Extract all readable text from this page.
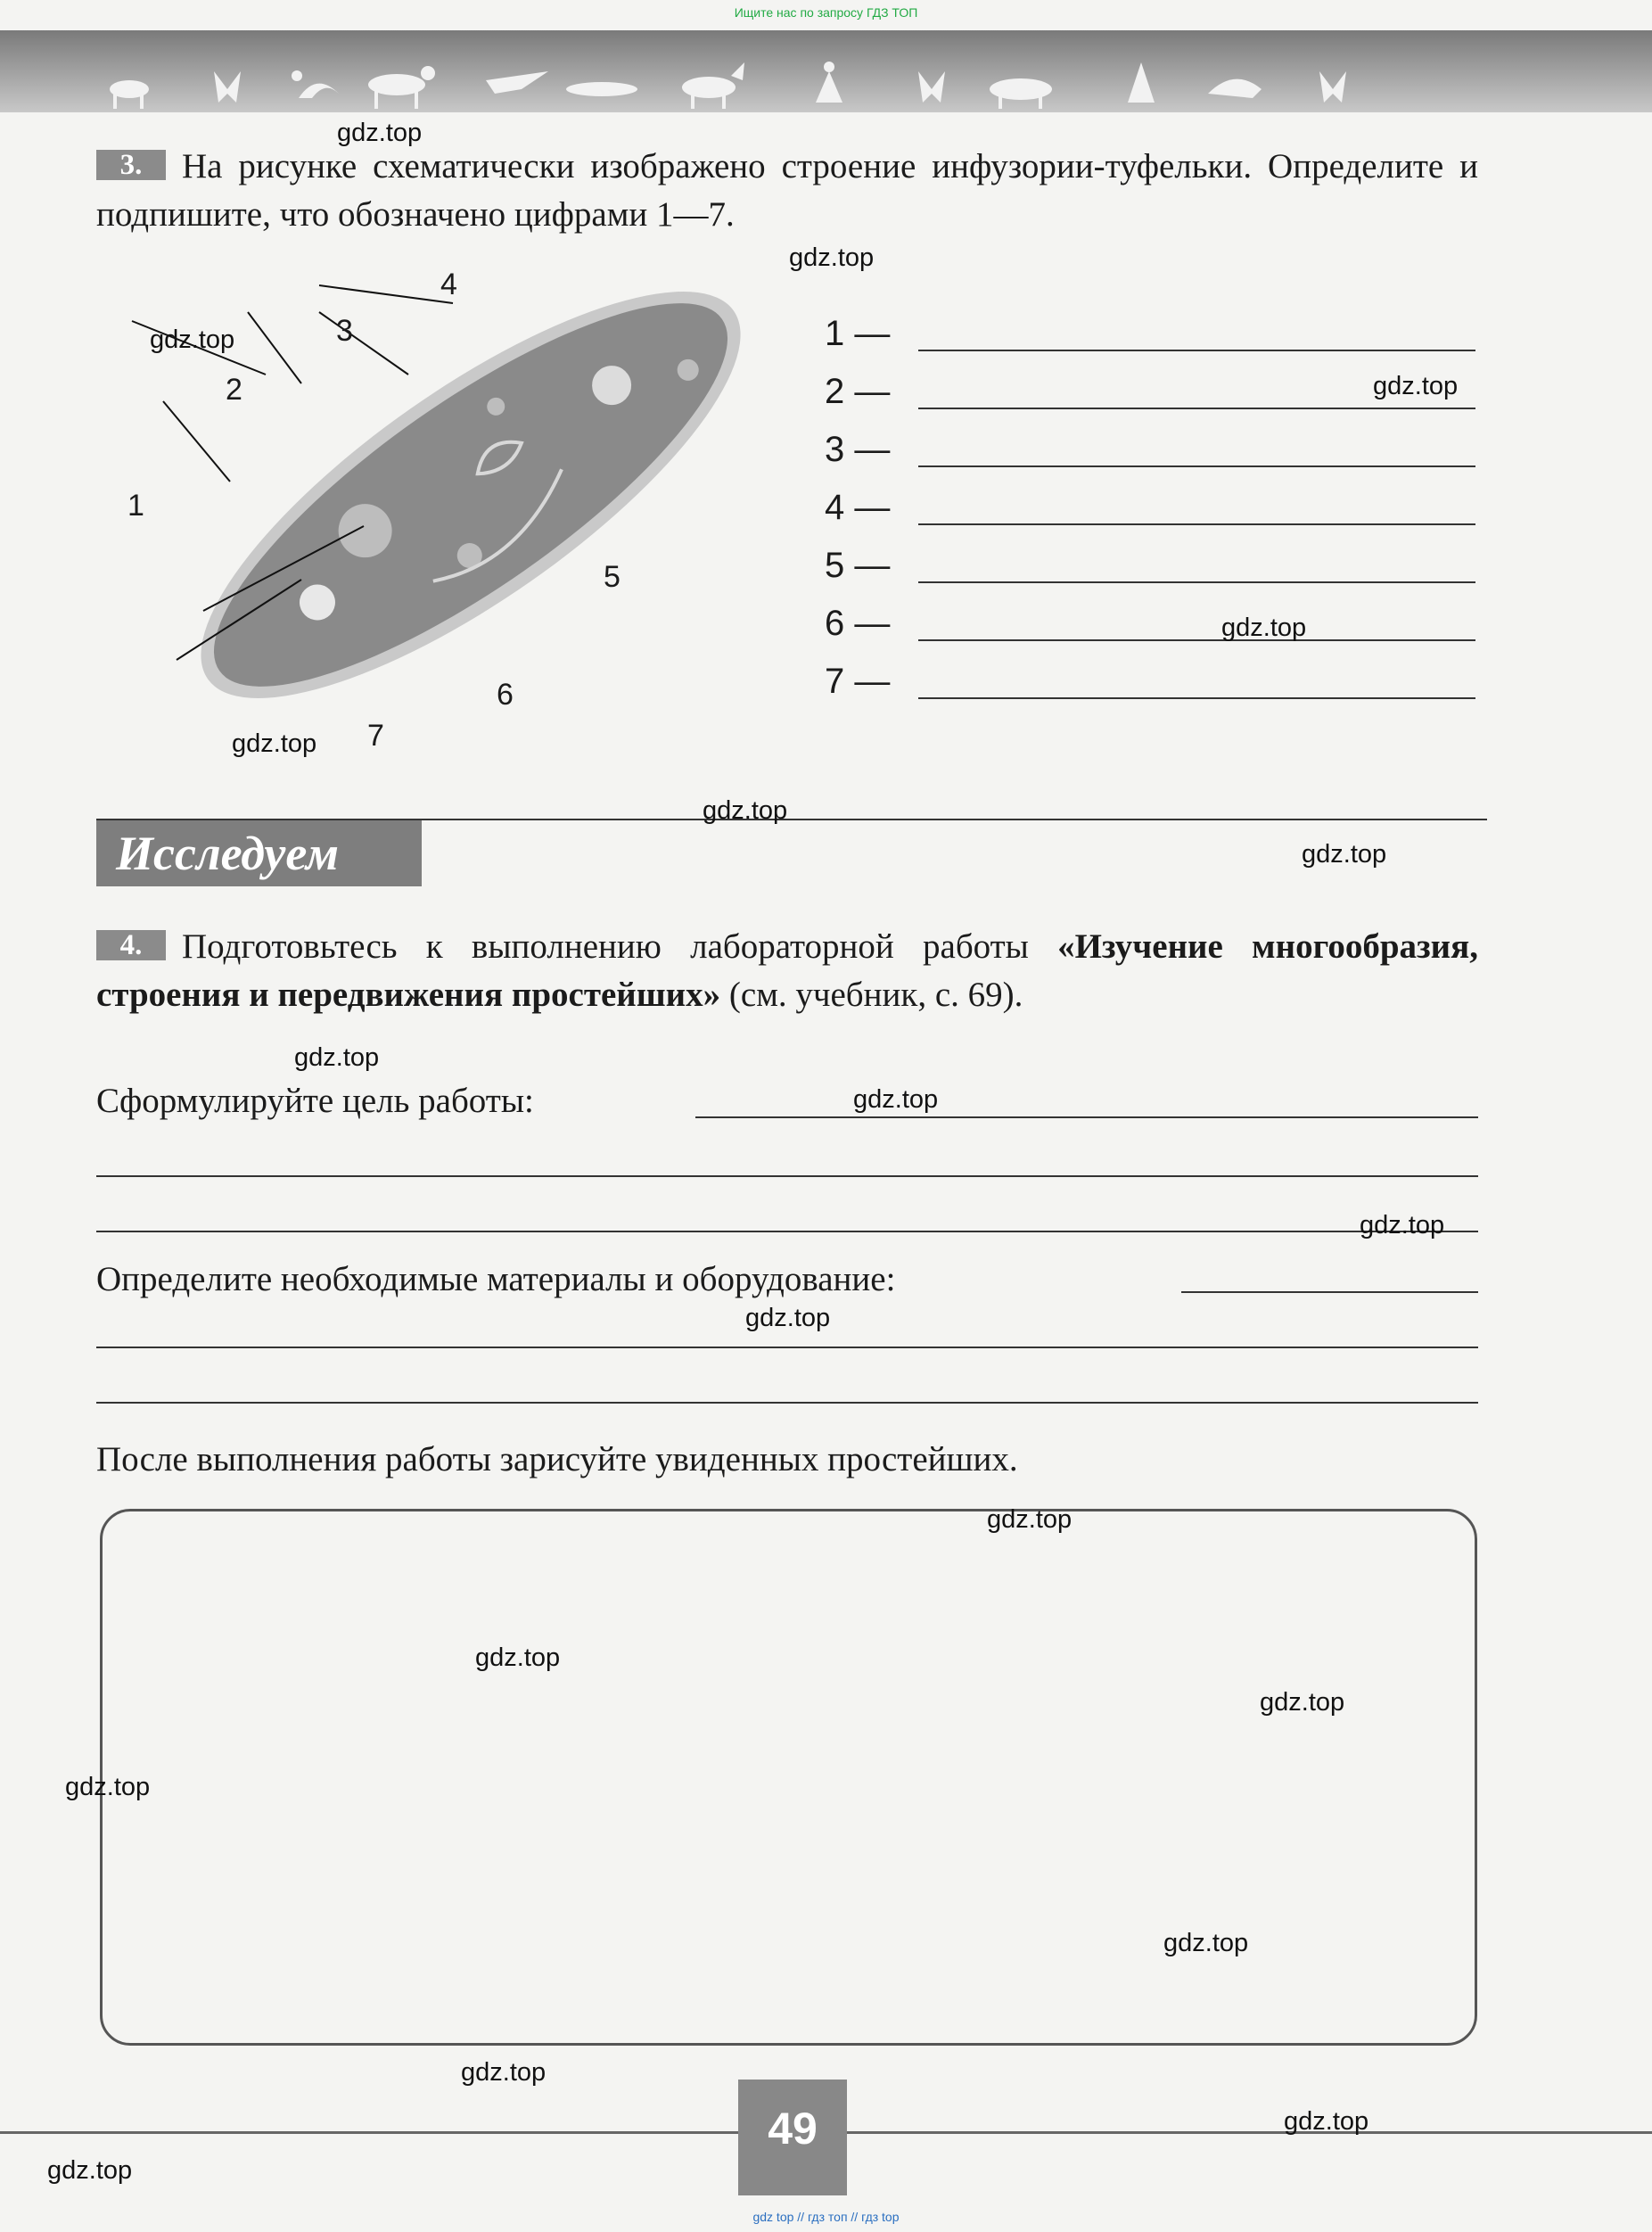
Ищите нас по запросу ГДЗ ТОП
3. На рисунке схематически изображено строение инфузории-туфельки. Определите и подпишите, что обозначено цифрами 1—7.
1
2
3
4
5
6
7
1 —
2 —
3 —
4 —
5 —
6 —
7 —
Исследуем
4. Подготовьтесь к выполнению лабораторной работы «Изучение многообразия, строения и передвижения простейших» (см. учебник, с. 69).
Сформулируйте цель работы:
Определите необходимые материалы и оборудование:
После выполнения работы зарисуйте увиденных простейших.
49
gdz.top
gdz.top
gdz.top
gdz.top
gdz.top
gdz.top
gdz.top
gdz.top
gdz.top
gdz.top
gdz.top
gdz.top
gdz.top
gdz.top
gdz.top
gdz.top
gdz.top
gdz.top
gdz.top
gdz.top
gdz top // гдз топ // гдз top
